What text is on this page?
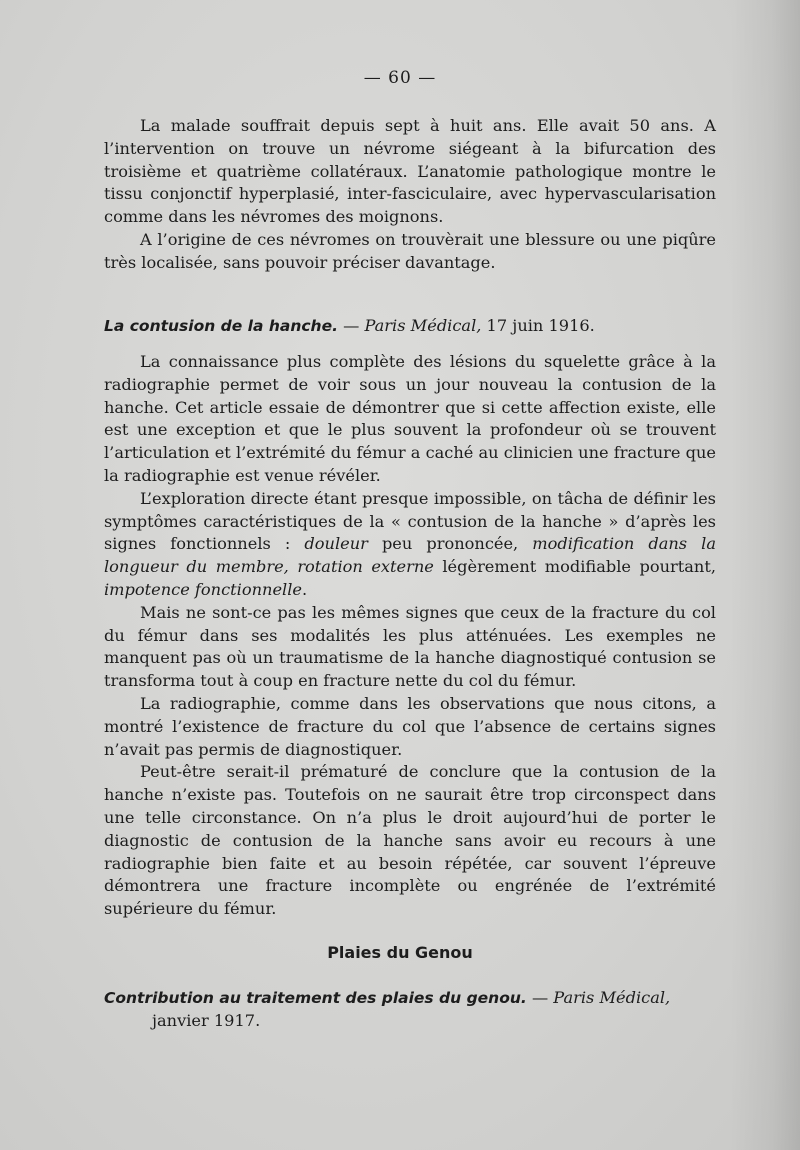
— 60 —

La malade souffrait depuis sept à huit ans. Elle avait 50 ans. A l’intervention on trouve un névrome siégeant à la bifurcation des troisième et quatrième collatéraux. L’anatomie pathologique montre le tissu conjonctif hyperplasié, inter-fasciculaire, avec hypervascularisation comme dans les névromes des moignons.

A l’origine de ces névromes on trouvèrait une blessure ou une piqûre très localisée, sans pouvoir préciser davantage.

La contusion de la hanche. — Paris Médical, 17 juin 1916.

La connaissance plus complète des lésions du squelette grâce à la radiographie permet de voir sous un jour nouveau la contusion de la hanche. Cet article essaie de démontrer que si cette affection existe, elle est une exception et que le plus souvent la profondeur où se trouvent l’articulation et l’extrémité du fémur a caché au clinicien une fracture que la radiographie est venue révéler.

L’exploration directe étant presque impossible, on tâcha de définir les symptômes caractéristiques de la « contusion de la hanche » d’après les signes fonctionnels : douleur peu prononcée, modification dans la longueur du membre, rotation externe légèrement modifiable pourtant, impotence fonctionnelle.

Mais ne sont-ce pas les mêmes signes que ceux de la fracture du col du fémur dans ses modalités les plus atténuées. Les exemples ne manquent pas où un traumatisme de la hanche diagnostiqué contusion se transforma tout à coup en fracture nette du col du fémur.

La radiographie, comme dans les observations que nous citons, a montré l’existence de fracture du col que l’absence de certains signes n’avait pas permis de diagnostiquer.

Peut-être serait-il prématuré de conclure que la contusion de la hanche n’existe pas. Toutefois on ne saurait être trop circonspect dans une telle circonstance. On n’a plus le droit aujourd’hui de porter le diagnostic de contusion de la hanche sans avoir eu recours à une radiographie bien faite et au besoin répétée, car souvent l’épreuve démontrera une fracture incomplète ou engrénée de l’extrémité supérieure du fémur.

Plaies du Genou
Contribution au traitement des plaies du genou. — Paris Médical,
janvier 1917.
